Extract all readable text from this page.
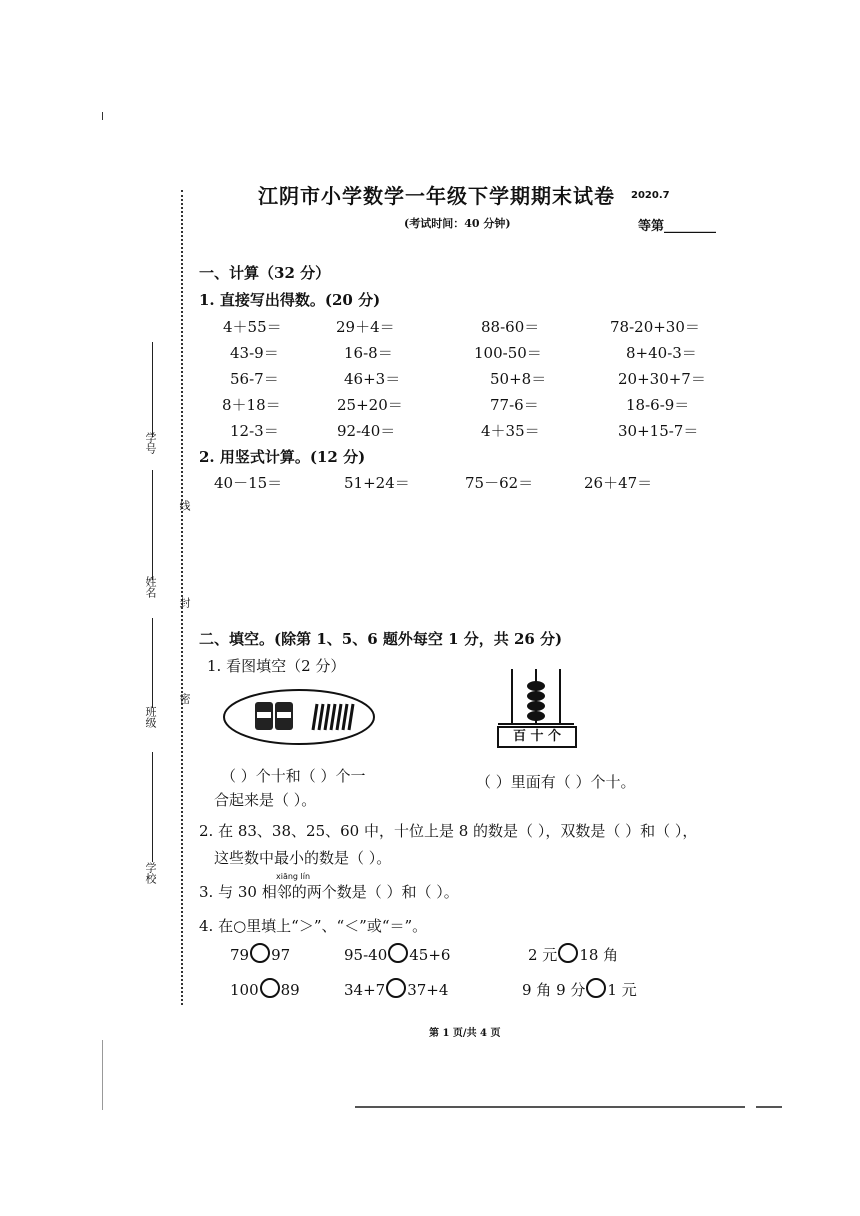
线
封
密
学号
姓名
班级
学校
江阴市小学数学一年级下学期期末试卷 2020.7
(考试时间：40 分钟)	等第________
一、计算（32 分）
1. 直接写出得数。(20 分)
4＋55＝	29＋4＝	88-60＝	78-20+30＝
43-9＝	16-8＝	100-50＝	8+40-3＝
56-7＝	46+3＝	50+8＝	20+30+7＝
8＋18＝	25+20＝	77-6＝	18-6-9＝
12-3＝	92-40＝	4＋35＝	30+15-7＝
2. 用竖式计算。(12 分)
40－15＝	51+24＝	75－62＝	26＋47＝
二、填空。(除第 1、5、6 题外每空 1 分，共 26 分)
1. 看图填空（2 分）
百 十 个
（ ）个十和（ ）个一
合起来是（ ）。
（ ）里面有（ ）个十。
2. 在 83、38、25、60 中，十位上是 8 的数是（ ），双数是（ ）和（ ），
这些数中最小的数是（ ）。
xiāng lín
3. 与 30 相邻的两个数是（ ）和（ ）。
4. 在○里填上“＞”、“＜”或“＝”。
79 97	95-40 45+6	2 元 18 角
100 89	34+7 37+4	9 角 9 分 1 元
第 1 页/共 4 页
